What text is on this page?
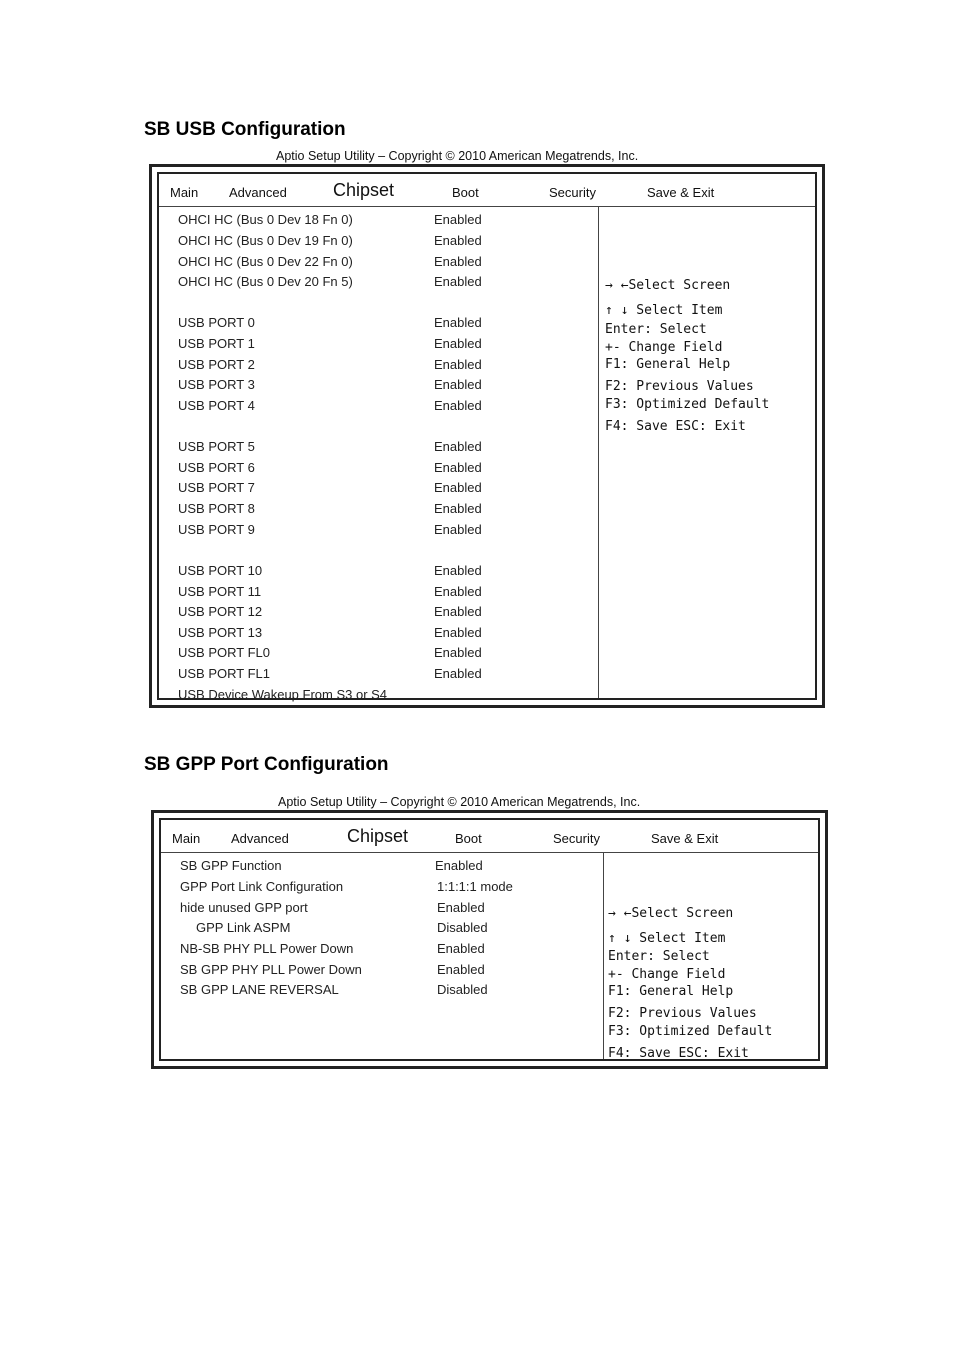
SB USB Configuration
Aptio Setup Utility – Copyright © 2010 American Megatrends, Inc.
Main Advanced	Chipset	Boot	Security	Save & Exit
OHCI HC (Bus 0 Dev 18 Fn 0)	Enabled
OHCI HC (Bus 0 Dev 19 Fn 0)	Enabled
OHCI HC (Bus 0 Dev 22 Fn 0)	Enabled
OHCI HC (Bus 0 Dev 20 Fn 5)	Enabled
USB PORT 0	Enabled
USB PORT 1	Enabled
USB PORT 2	Enabled
USB PORT 3	Enabled
USB PORT 4	Enabled
USB PORT 5	Enabled
USB PORT 6	Enabled
USB PORT 7	Enabled
USB PORT 8	Enabled
USB PORT 9	Enabled
USB PORT 10	Enabled
USB PORT 11	Enabled
USB PORT 12	Enabled
USB PORT 13	Enabled
USB PORT FL0	Enabled
USB PORT FL1	Enabled
USB Device Wakeup From S3 or S4
→ ←Select Screen
↑ ↓ Select Item
Enter: Select
+- Change Field
F1: General Help
F2: Previous Values
F3: Optimized Default
F4: Save ESC: Exit
SB GPP Port Configuration
Aptio Setup Utility – Copyright © 2010 American Megatrends, Inc.
Main Advanced	Chipset	Boot	Security	Save & Exit
SB GPP Function	Enabled
GPP Port Link Configuration	1:1:1:1 mode
hide unused GPP port	Enabled
GPP Link ASPM	Disabled
NB-SB PHY PLL Power Down	Enabled
SB GPP PHY PLL Power Down	Enabled
SB GPP LANE REVERSAL	Disabled
→ ←Select Screen
↑ ↓ Select Item
Enter: Select
+- Change Field
F1: General Help
F2: Previous Values
F3: Optimized Default
F4: Save ESC: Exit
